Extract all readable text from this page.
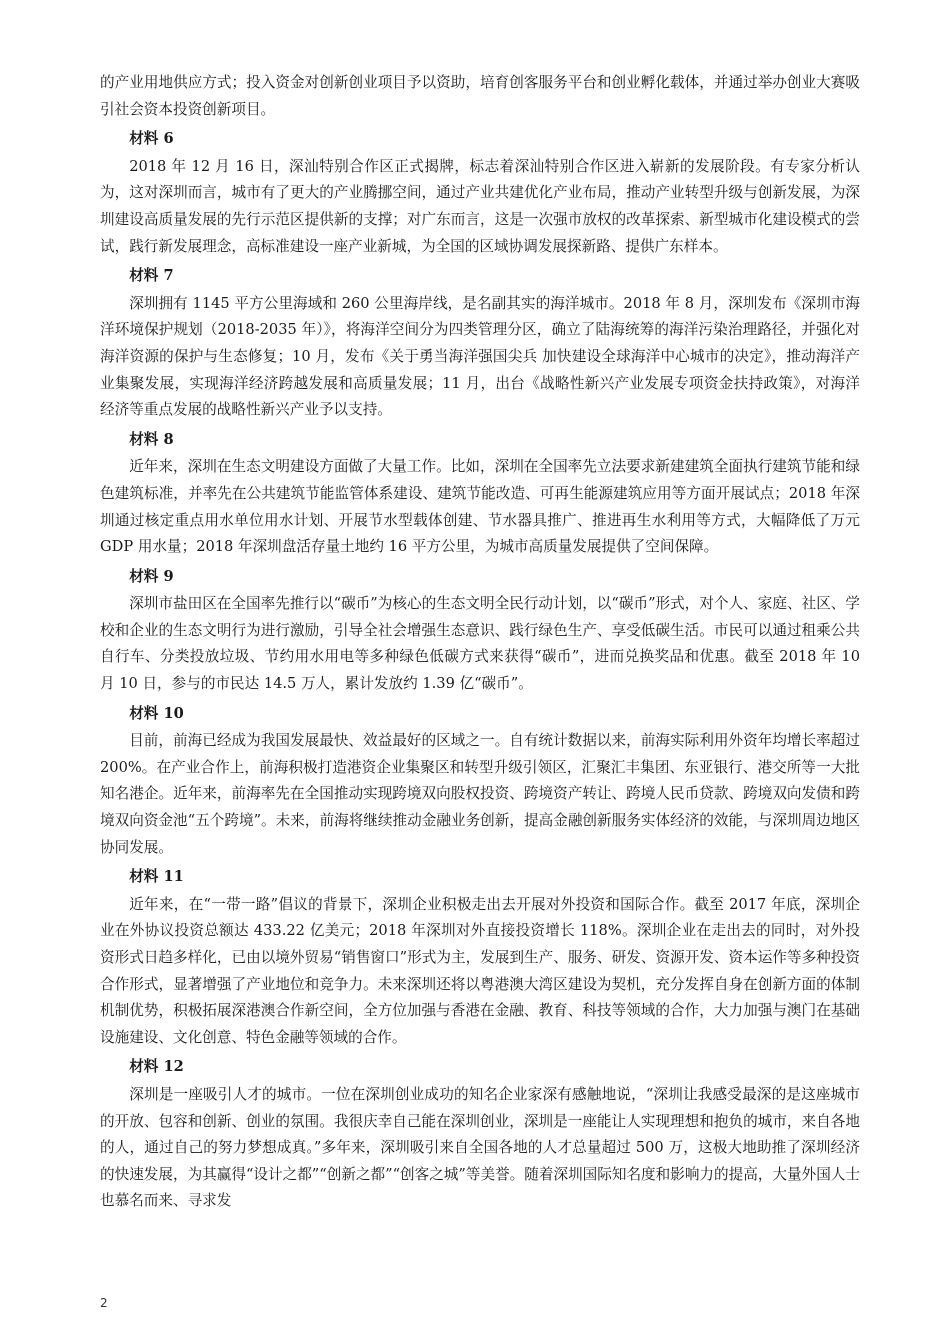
的产业用地供应方式；投入资金对创新创业项目予以资助，培育创客服务平台和创业孵化载体，并通过举办创业大赛吸引社会资本投资创新项目。

材料 6

2018 年 12 月 16 日，深汕特别合作区正式揭牌，标志着深汕特别合作区进入崭新的发展阶段。有专家分析认为，这对深圳而言，城市有了更大的产业腾挪空间，通过产业共建优化产业布局，推动产业转型升级与创新发展，为深圳建设高质量发展的先行示范区提供新的支撑；对广东而言，这是一次强市放权的改革探索、新型城市化建设模式的尝试，践行新发展理念，高标准建设一座产业新城，为全国的区域协调发展探新路、提供广东样本。

材料 7

深圳拥有 1145 平方公里海域和 260 公里海岸线，是名副其实的海洋城市。2018 年 8 月，深圳发布《深圳市海洋环境保护规划（2018-2035 年）》，将海洋空间分为四类管理分区，确立了陆海统筹的海洋污染治理路径，并强化对海洋资源的保护与生态修复；10 月，发布《关于勇当海洋强国尖兵 加快建设全球海洋中心城市的决定》，推动海洋产业集聚发展，实现海洋经济跨越发展和高质量发展；11 月，出台《战略性新兴产业发展专项资金扶持政策》，对海洋经济等重点发展的战略性新兴产业予以支持。

材料 8

近年来，深圳在生态文明建设方面做了大量工作。比如，深圳在全国率先立法要求新建建筑全面执行建筑节能和绿色建筑标准，并率先在公共建筑节能监管体系建设、建筑节能改造、可再生能源建筑应用等方面开展试点；2018 年深圳通过核定重点用水单位用水计划、开展节水型载体创建、节水器具推广、推进再生水利用等方式，大幅降低了万元 GDP 用水量；2018 年深圳盘活存量土地约 16 平方公里，为城市高质量发展提供了空间保障。

材料 9

深圳市盐田区在全国率先推行以“碳币”为核心的生态文明全民行动计划，以“碳币”形式，对个人、家庭、社区、学校和企业的生态文明行为进行激励，引导全社会增强生态意识、践行绿色生产、享受低碳生活。市民可以通过租乘公共自行车、分类投放垃圾、节约用水用电等多种绿色低碳方式来获得“碳币”，进而兑换奖品和优惠。截至 2018 年 10 月 10 日，参与的市民达 14.5 万人，累计发放约 1.39 亿“碳币”。

材料 10

目前，前海已经成为我国发展最快、效益最好的区域之一。自有统计数据以来，前海实际利用外资年均增长率超过 200%。在产业合作上，前海积极打造港资企业集聚区和转型升级引领区，汇聚汇丰集团、东亚银行、港交所等一大批知名港企。近年来，前海率先在全国推动实现跨境双向股权投资、跨境资产转让、跨境人民币贷款、跨境双向发债和跨境双向资金池“五个跨境”。未来，前海将继续推动金融业务创新，提高金融创新服务实体经济的效能，与深圳周边地区协同发展。

材料 11

近年来，在“一带一路”倡议的背景下，深圳企业积极走出去开展对外投资和国际合作。截至 2017 年底，深圳企业在外协议投资总额达 433.22 亿美元；2018 年深圳对外直接投资增长 118%。深圳企业在走出去的同时，对外投资形式日趋多样化，已由以境外贸易“销售窗口”形式为主，发展到生产、服务、研发、资源开发、资本运作等多种投资合作形式，显著增强了产业地位和竞争力。未来深圳还将以粤港澳大湾区建设为契机，充分发挥自身在创新方面的体制机制优势，积极拓展深港澳合作新空间，全方位加强与香港在金融、教育、科技等领域的合作，大力加强与澳门在基础设施建设、文化创意、特色金融等领域的合作。

材料 12

深圳是一座吸引人才的城市。一位在深圳创业成功的知名企业家深有感触地说，“深圳让我感受最深的是这座城市的开放、包容和创新、创业的氛围。我很庆幸自己能在深圳创业，深圳是一座能让人实现理想和抱负的城市，来自各地的人，通过自己的努力梦想成真。”多年来，深圳吸引来自全国各地的人才总量超过 500 万，这极大地助推了深圳经济的快速发展，为其赢得“设计之都”“创新之都”“创客之城”等美誉。随着深圳国际知名度和影响力的提高，大量外国人士也慕名而来、寻求发

2
